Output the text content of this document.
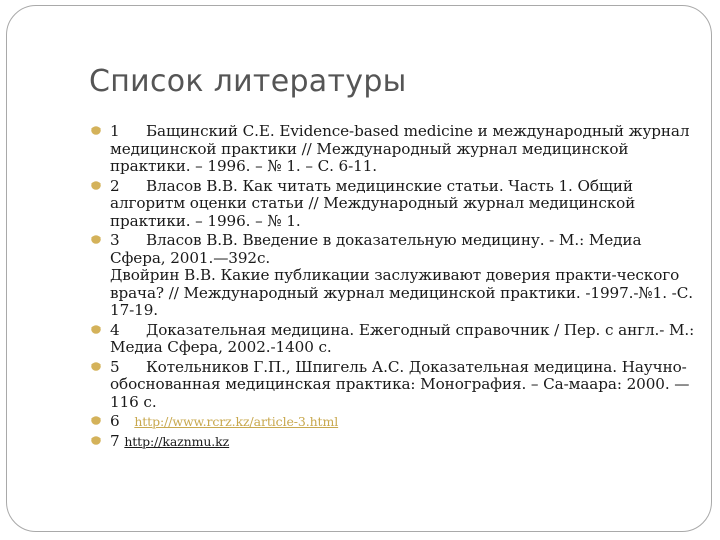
Список литературы
1 Бащинский С.Е. Evidence-based medicine и международный журнал медицинской практики // Международный журнал медицинской практики. – 1996. – № 1. – С. 6-11.
2 Власов В.В. Как читать медицинские статьи. Часть 1. Общий алгоритм оценки статьи // Международный журнал медицинской практики. – 1996. – № 1.
3 Власов В.В. Введение в доказательную медицину. - М.: Медиа Сфера, 2001.—392с.
Двойрин В.В. Какие публикации заслуживают доверия практи-ческого врача? // Международный журнал медицинской практики. -1997.-№1. -С. 17-19.
4 Доказательная медицина. Ежегодный справочник / Пер. с англ.- М.: Медиа Сфера, 2002.-1400 с.
5 Котельников Г.П., Шпигель А.С. Доказательная медицина. Научно-обоснованная медицинская практика: Монография. – Са-маара: 2000. —116 с.
6 http://www.rcrz.kz/article-3.html
7 http://kaznmu.kz
